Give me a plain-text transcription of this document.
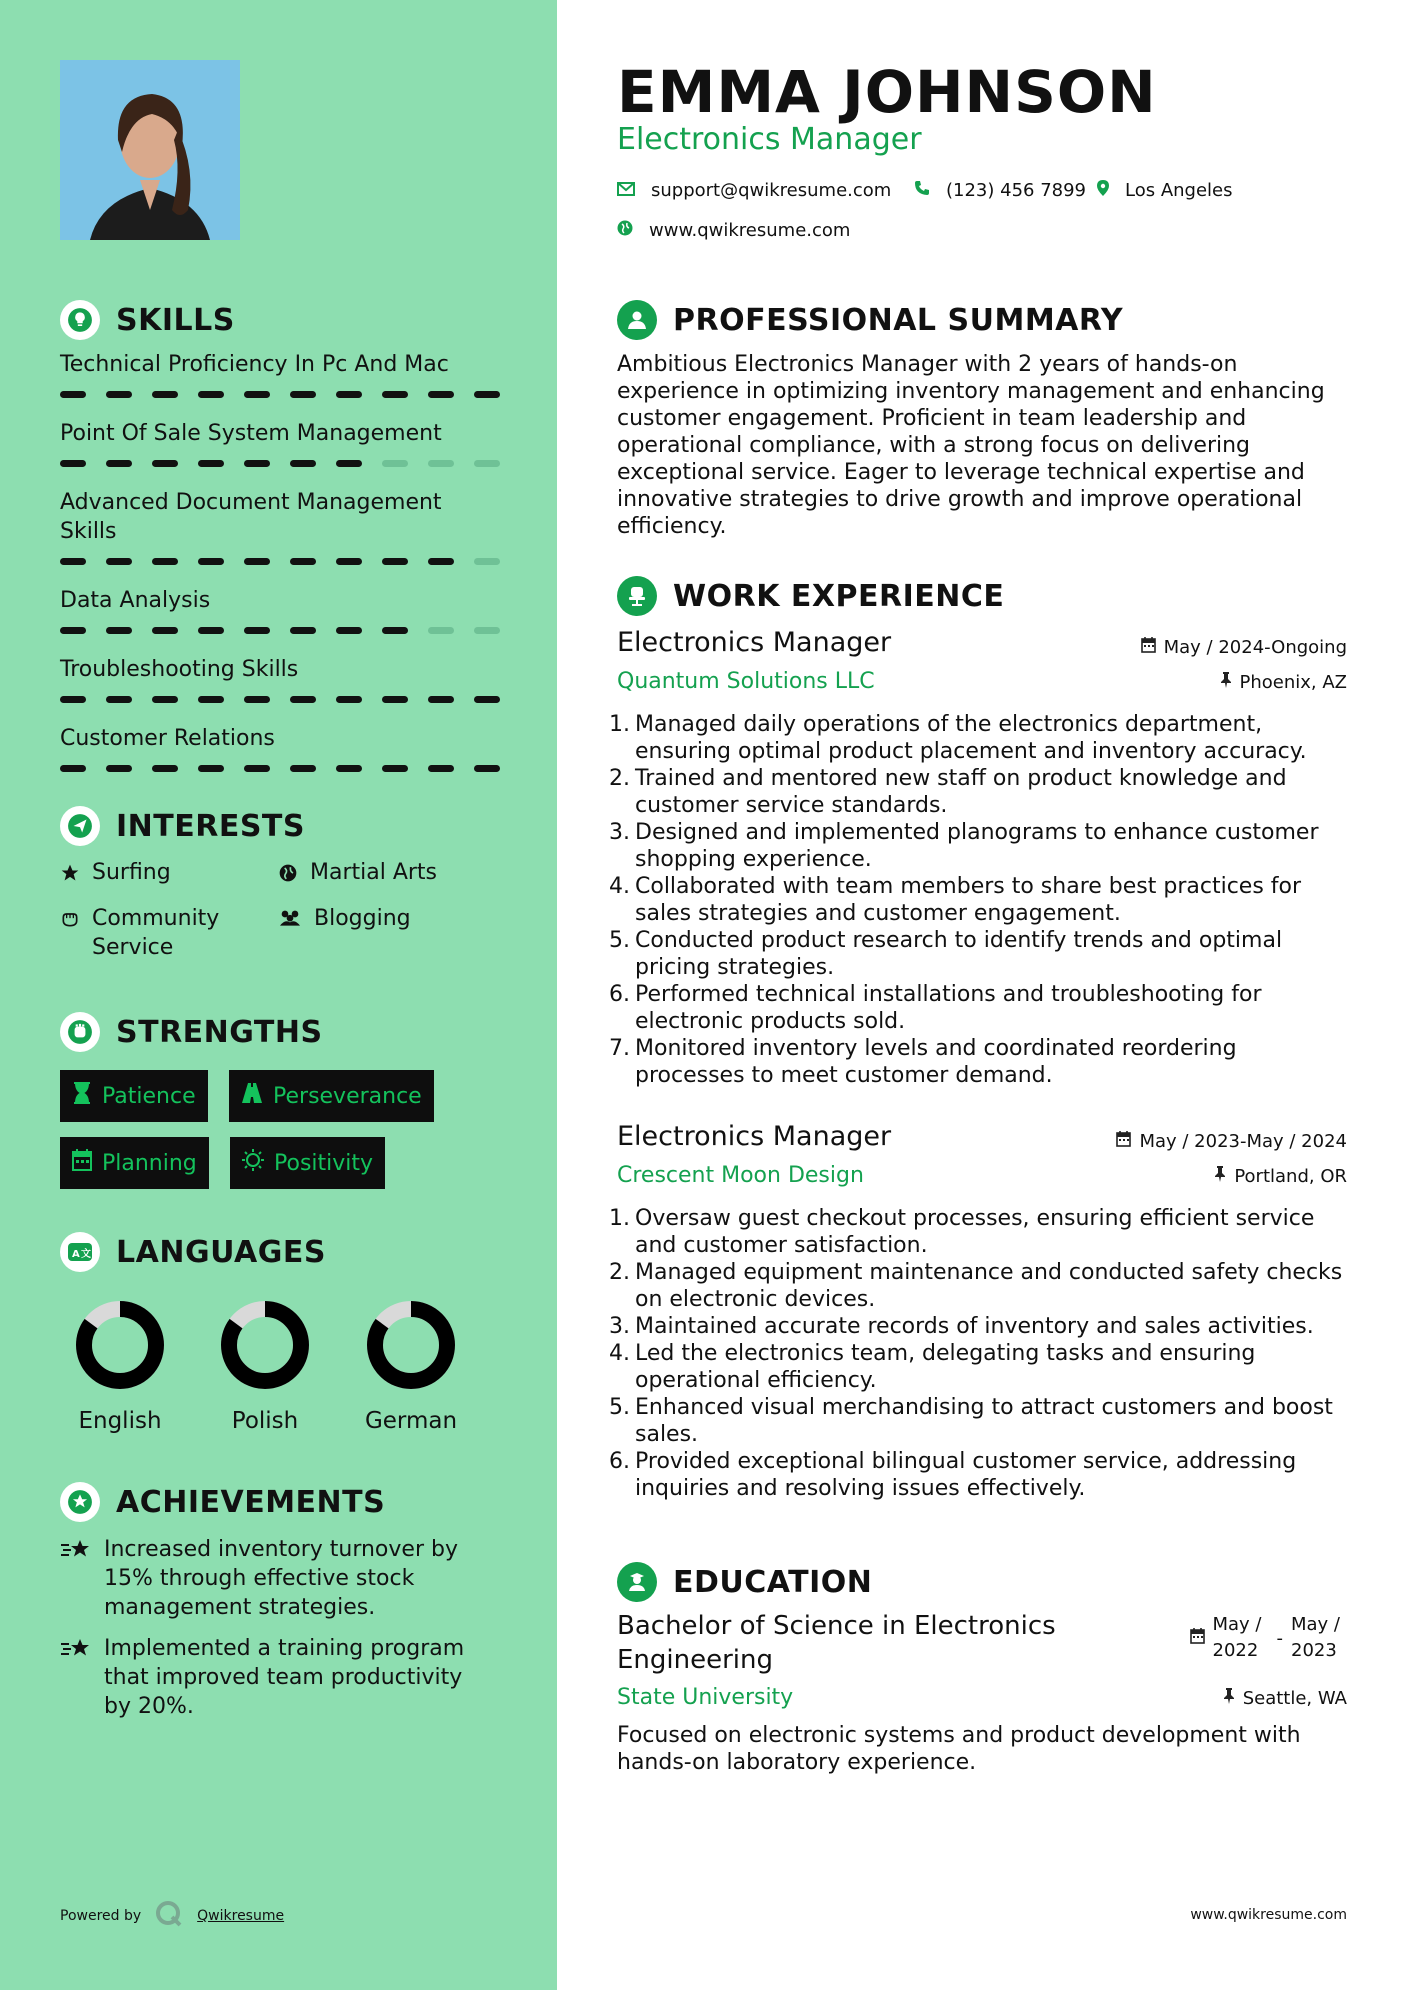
SKILLS
Technical Proficiency In Pc And Mac
Point Of Sale System Management
Advanced Document Management Skills
Data Analysis
Troubleshooting Skills
Customer Relations
INTERESTS
Surfing	Martial Arts
Community Service
Blogging
STRENGTHS
Patience	Perseverance
Planning	Positivity
A 文 LANGUAGES
English	Polish	German
ACHIEVEMENTS
Increased inventory turnover by 15% through effective stock management strategies.
Implemented a training program that improved team productivity by 20%.
Powered by	Qwikresume
EMMA JOHNSON
Electronics Manager
support@qwikresume.com	(123) 456 7899 Los Angeles
www.qwikresume.com
PROFESSIONAL SUMMARY
Ambitious Electronics Manager with 2 years of hands-on experience in optimizing inventory management and enhancing customer engagement. Proficient in team leadership and operational compliance, with a strong focus on delivering exceptional service. Eager to leverage technical expertise and innovative strategies to drive growth and improve operational efficiency.
WORK EXPERIENCE
Electronics Manager	May / 2024-Ongoing
Quantum Solutions LLC	Phoenix, AZ
1. Managed daily operations of the electronics department, ensuring optimal product placement and inventory accuracy.
2. Trained and mentored new staff on product knowledge and customer service standards.
3. Designed and implemented planograms to enhance customer shopping experience.
4. Collaborated with team members to share best practices for sales strategies and customer engagement.
5. Conducted product research to identify trends and optimal pricing strategies.
6. Performed technical installations and troubleshooting for electronic products sold.
7. Monitored inventory levels and coordinated reordering processes to meet customer demand.
Electronics Manager	May / 2023-May / 2024
Crescent Moon Design	Portland, OR
1. Oversaw guest checkout processes, ensuring efficient service and customer satisfaction.
2. Managed equipment maintenance and conducted safety checks on electronic devices.
3. Maintained accurate records of inventory and sales activities.
4. Led the electronics team, delegating tasks and ensuring operational efficiency.
5. Enhanced visual merchandising to attract customers and boost sales.
6. Provided exceptional bilingual customer service, addressing inquiries and resolving issues effectively.
EDUCATION
Bachelor of Science in Electronics Engineering
May / 2022
-
May / 2023
State University	Seattle, WA
Focused on electronic systems and product development with hands-on laboratory experience.
www.qwikresume.com
